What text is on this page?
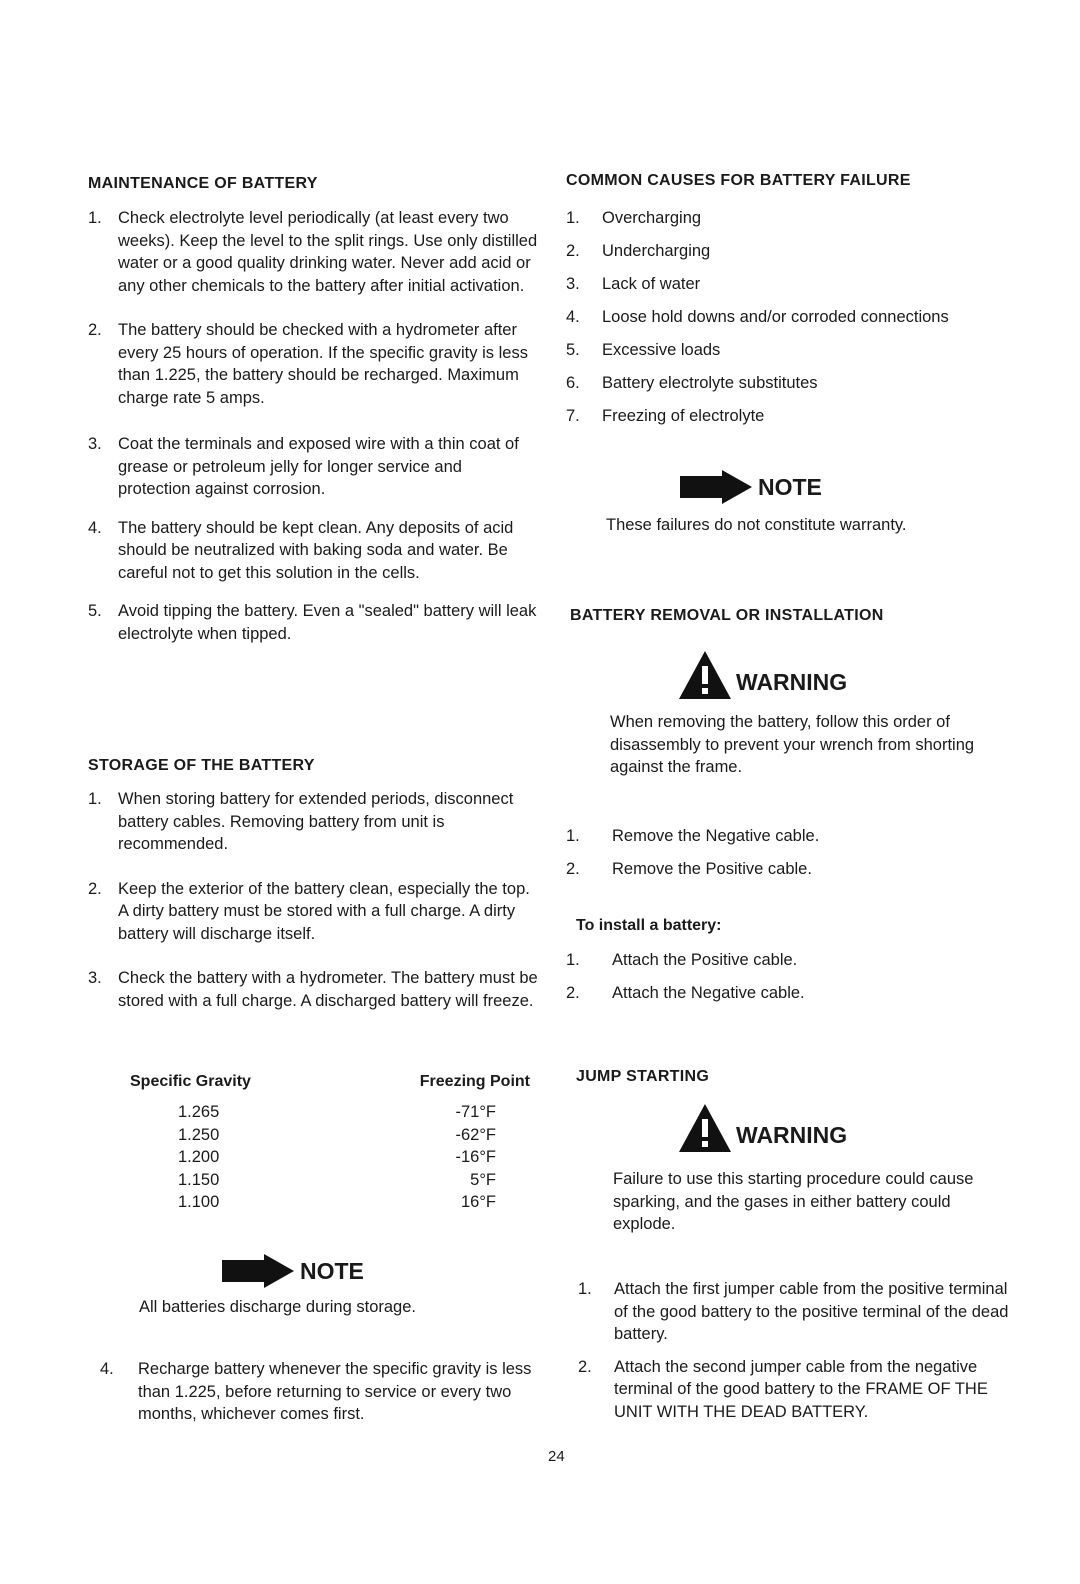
MAINTENANCE OF BATTERY
1. Check electrolyte level periodically (at least every two weeks). Keep the level to the split rings. Use only distilled water or a good quality drinking water. Never add acid or any other chemicals to the battery after initial activation.
2. The battery should be checked with a hydrometer after every 25 hours of operation. If the specific gravity is less than 1.225, the battery should be recharged. Maximum charge rate 5 amps.
3. Coat the terminals and exposed wire with a thin coat of grease or petroleum jelly for longer service and protection against corrosion.
4. The battery should be kept clean. Any deposits of acid should be neutralized with baking soda and water. Be careful not to get this solution in the cells.
5. Avoid tipping the battery. Even a "sealed" battery will leak electrolyte when tipped.
STORAGE OF THE BATTERY
1. When storing battery for extended periods, disconnect battery cables. Removing battery from unit is recommended.
2. Keep the exterior of the battery clean, especially the top. A dirty battery must be stored with a full charge. A dirty battery will discharge itself.
3. Check the battery with a hydrometer. The battery must be stored with a full charge. A discharged battery will freeze.
Specific Gravity	Freezing Point
1.265	-71°F
1.250	-62°F
1.200	-16°F
1.150	5°F
1.100	16°F
NOTE
All batteries discharge during storage.
4. Recharge battery whenever the specific gravity is less than 1.225, before returning to service or every two months, whichever comes first.
COMMON CAUSES FOR BATTERY FAILURE
1. Overcharging
2. Undercharging
3. Lack of water
4. Loose hold downs and/or corroded connections
5. Excessive loads
6. Battery electrolyte substitutes
7. Freezing of electrolyte
NOTE
These failures do not constitute warranty.
BATTERY REMOVAL OR INSTALLATION
WARNING
When removing the battery, follow this order of disassembly to prevent your wrench from shorting against the frame.
1. Remove the Negative cable.
2. Remove the Positive cable.
To install a battery:
1. Attach the Positive cable.
2. Attach the Negative cable.
JUMP STARTING
WARNING
Failure to use this starting procedure could cause sparking, and the gases in either battery could explode.
1. Attach the first jumper cable from the positive terminal of the good battery to the positive terminal of the dead battery.
2. Attach the second jumper cable from the negative terminal of the good battery to the FRAME OF THE UNIT WITH THE DEAD BATTERY.
24
